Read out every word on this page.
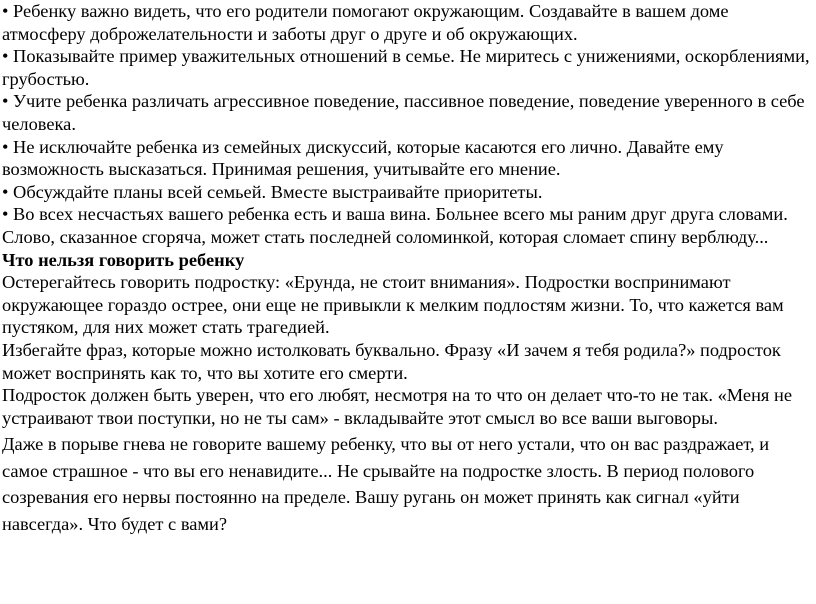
• Ребенку важно видеть, что его родители помогают окружающим. Создавайте в вашем доме атмосферу доброжелательности и заботы друг о друге и об окружающих.

• Показывайте пример уважительных отношений в семье. Не миритесь с унижениями, оскорблениями, грубостью.

• Учите ребенка различать агрессивное поведение, пассивное поведение, поведение уверенного в себе человека.

• Не исключайте ребенка из семейных дискуссий, которые касаются его лично. Давайте ему возможность высказаться. Принимая решения, учитывайте его мнение.

• Обсуждайте планы всей семьей. Вместе выстраивайте приоритеты.

• Во всех несчастьях вашего ребенка есть и ваша вина. Больнее всего мы раним друг друга словами. Слово, сказанное сгоряча, может стать последней соломинкой, которая сломает спину верблюду...

Что нельзя говорить ребенку

Остерегайтесь говорить подростку: «Ерунда, не стоит внимания». Подростки воспринимают окружающее гораздо острее, они еще не привыкли к мелким подлостям жизни. То, что кажется вам пустяком, для них может стать трагедией.

Избегайте фраз, которые можно истолковать буквально. Фразу «И зачем я тебя родила?» подросток может воспринять как то, что вы хотите его смерти.

Подросток должен быть уверен, что его любят, несмотря на то что он делает что-то не так. «Меня не устраивают твои поступки, но не ты сам» - вкладывайте этот смысл во все ваши выговоры.

Даже в порыве гнева не говорите вашему ребенку, что вы от него устали, что он вас раздражает, и самое страшное - что вы его ненавидите... Не срывайте на подростке злость. В период полового созревания его нервы постоянно на пределе. Вашу ругань он может принять как сигнал «уйти навсегда». Что будет с вами?
